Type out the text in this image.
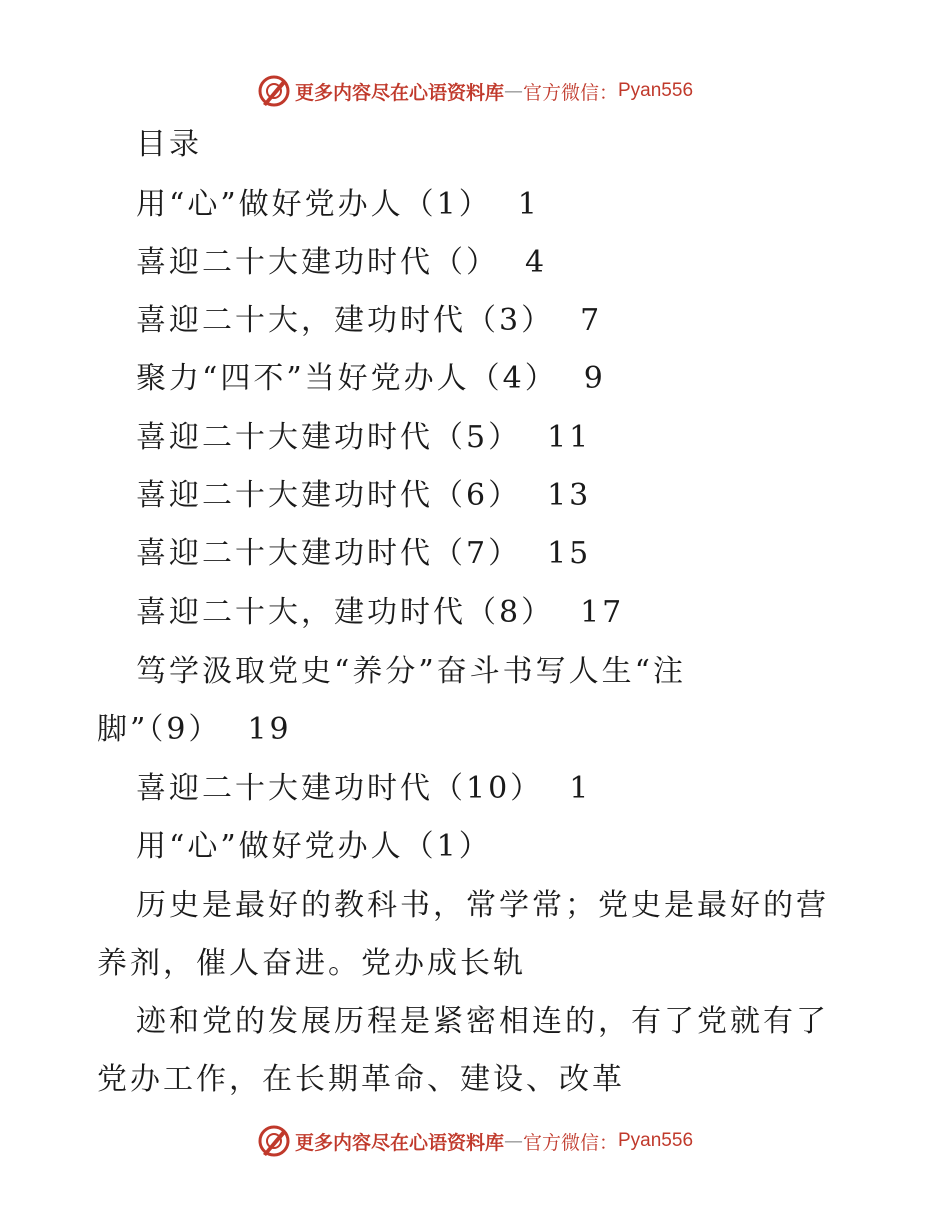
更多内容尽在心语资料库 — 官方微信： Pyan556
目录
用“心”做好党办人（1） 1
喜迎二十大建功时代（） 4
喜迎二十大，建功时代（3） 7
聚力“四不”当好党办人（4） 9
喜迎二十大建功时代（5） 11
喜迎二十大建功时代（6） 13
喜迎二十大建功时代（7） 15
喜迎二十大，建功时代（8） 17
笃学汲取党史“养分”奋斗书写人生“注
脚”（9） 19
喜迎二十大建功时代（10） 1
用“心”做好党办人（1）
历史是最好的教科书，常学常；党史是最好的营
养剂，催人奋进。党办成长轨
迹和党的发展历程是紧密相连的，有了党就有了
党办工作，在长期革命、建设、改革
更多内容尽在心语资料库 — 官方微信： Pyan556
